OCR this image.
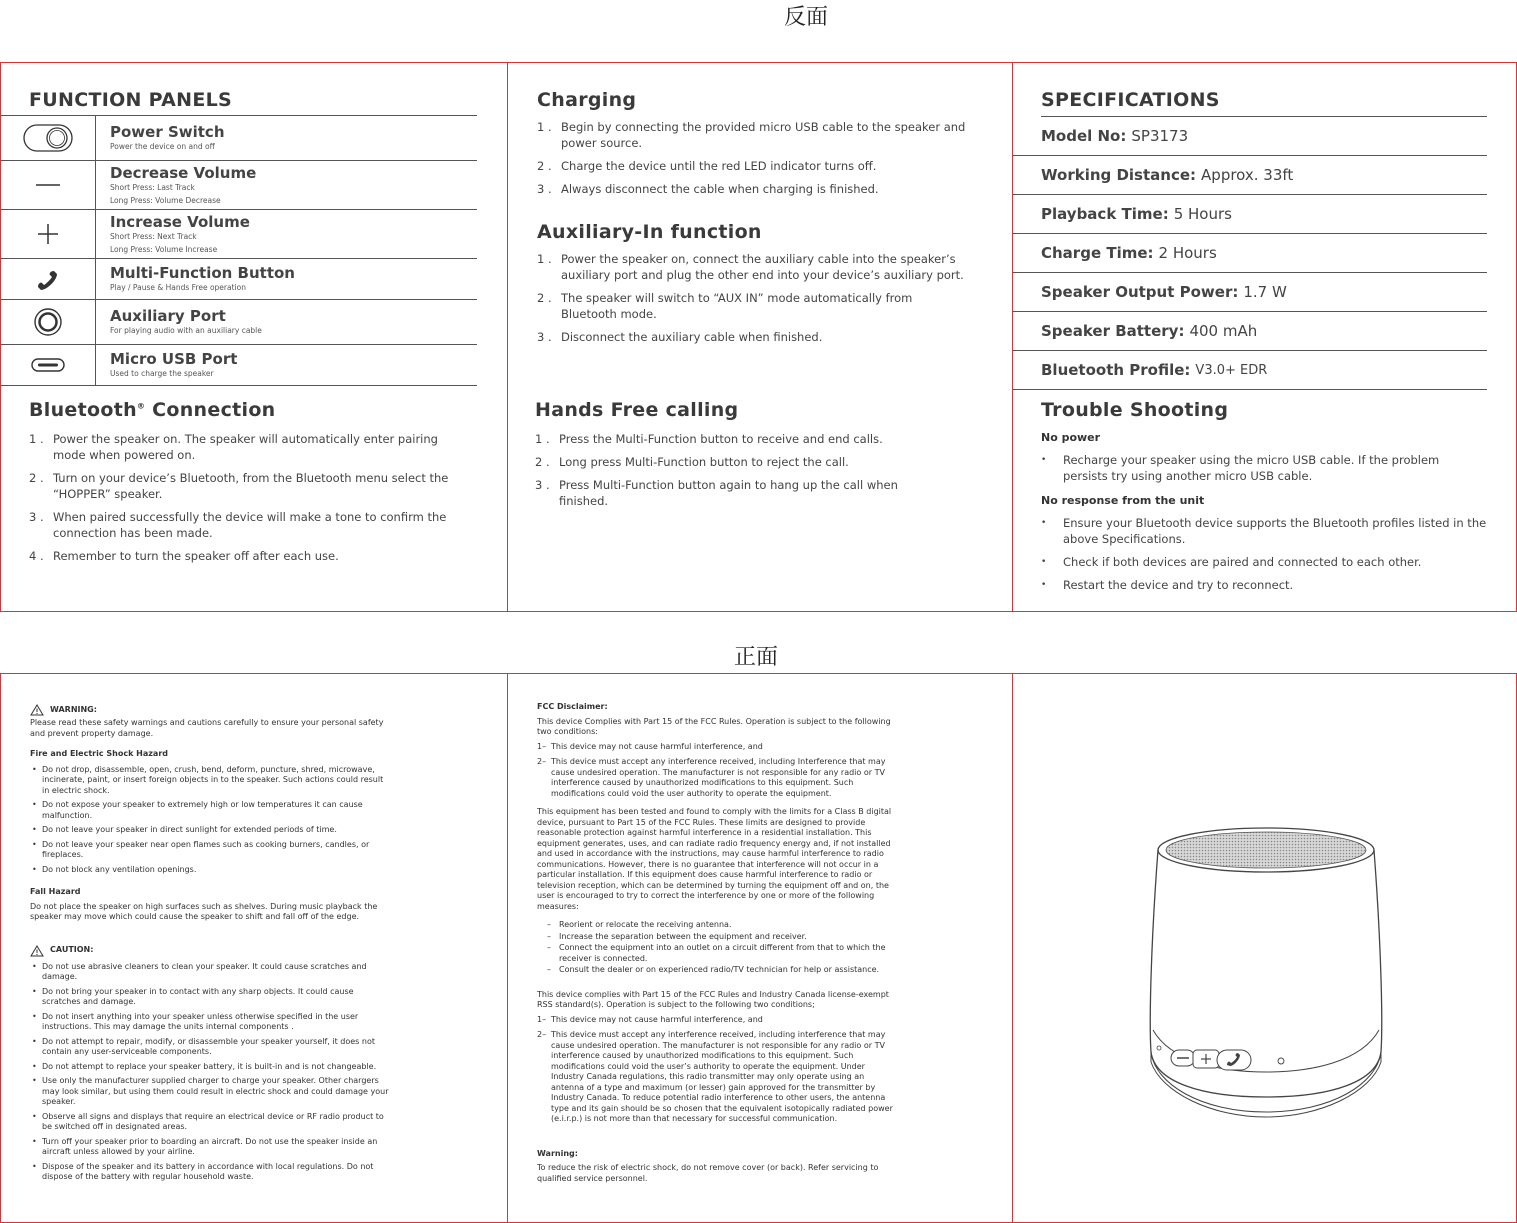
反面
正面
FUNCTION PANELS
Power Switch
Power the device on and off
Decrease Volume
Short Press: Last Track
Long Press: Volume Decrease
Increase Volume
Short Press: Next Track
Long Press: Volume Increase
Multi-Function Button
Play / Pause & Hands Free operation
Auxiliary Port
For playing audio with an auxiliary cable
Micro USB Port
Used to charge the speaker
Bluetooth® Connection
1 . Power the speaker on. The speaker will automatically enter pairing mode when powered on.
2 . Turn on your device’s Bluetooth, from the Bluetooth menu select the “HOPPER” speaker.
3 . When paired successfully the device will make a tone to confirm the connection has been made.
4 . Remember to turn the speaker off after each use.
Charging
1 . Begin by connecting the provided micro USB cable to the speaker and power source.
2 . Charge the device until the red LED indicator turns off.
3 . Always disconnect the cable when charging is finished.
Auxiliary-In function
1 . Power the speaker on, connect the auxiliary cable into the speaker’s auxiliary port and plug the other end into your device’s auxiliary port.
2 . The speaker will switch to “AUX IN” mode automatically from Bluetooth mode.
3 . Disconnect the auxiliary cable when finished.
Hands Free calling
1 . Press the Multi-Function button to receive and end calls.
2 . Long press Multi-Function button to reject the call.
3 . Press Multi-Function button again to hang up the call when finished.
SPECIFICATIONS
Model No: SP3173
Working Distance: Approx. 33ft
Playback Time: 5 Hours
Charge Time: 2 Hours
Speaker Output Power: 1.7 W
Speaker Battery: 400 mAh
Bluetooth Profile: V3.0+ EDR
Trouble Shooting
No power
• Recharge your speaker using the micro USB cable. If the problem persists try using another micro USB cable.
No response from the unit
• Ensure your Bluetooth device supports the Bluetooth profiles listed in the above Specifications.
• Check if both devices are paired and connected to each other.
• Restart the device and try to reconnect.
WARNING:

Please read these safety warnings and cautions carefully to ensure your personal safety and prevent property damage.

Fire and Electric Shock Hazard

• Do not drop, disassemble, open, crush, bend, deform, puncture, shred, microwave, incinerate, paint, or insert foreign objects in to the speaker. Such actions could result in electric shock.
• Do not expose your speaker to extremely high or low temperatures it can cause malfunction.
• Do not leave your speaker in direct sunlight for extended periods of time.
• Do not leave your speaker near open flames such as cooking burners, candles, or fireplaces.
• Do not block any ventilation openings.

Fall Hazard

Do not place the speaker on high surfaces such as shelves. During music playback the speaker may move which could cause the speaker to shift and fall off of the edge.

CAUTION:
• Do not use abrasive cleaners to clean your speaker. It could cause scratches and damage.
• Do not bring your speaker in to contact with any sharp objects. It could cause scratches and damage.
• Do not insert anything into your speaker unless otherwise specified in the user instructions. This may damage the units internal components .
• Do not attempt to repair, modify, or disassemble your speaker yourself, it does not contain any user-serviceable components.
• Do not attempt to replace your speaker battery, it is built-in and is not changeable.
• Use only the manufacturer supplied charger to charge your speaker. Other chargers may look similar, but using them could result in electric shock and could damage your speaker.
• Observe all signs and displays that require an electrical device or RF radio product to be switched off in designated areas.
• Turn off your speaker prior to boarding an aircraft. Do not use the speaker inside an aircraft unless allowed by your airline.
• Dispose of the speaker and its battery in accordance with local regulations. Do not dispose of the battery with regular household waste.

FCC Disclaimer:

This device Complies with Part 15 of the FCC Rules. Operation is subject to the following two conditions:

1– This device may not cause harmful interference, and
2– This device must accept any interference received, including Interference that may cause undesired operation. The manufacturer is not responsible for any radio or TV interference caused by unauthorized modifications to this equipment. Such modifications could void the user authority to operate the equipment.

This equipment has been tested and found to comply with the limits for a Class B digital device, pursuant to Part 15 of the FCC Rules. These limits are designed to provide reasonable protection against harmful interference in a residential installation. This equipment generates, uses, and can radiate radio frequency energy and, if not installed and used in accordance with the instructions, may cause harmful interference to radio communications. However, there is no guarantee that interference will not occur in a particular installation. If this equipment does cause harmful interference to radio or television reception, which can be determined by turning the equipment off and on, the user is encouraged to try to correct the interference by one or more of the following measures:

– Reorient or relocate the receiving antenna.
– Increase the separation between the equipment and receiver.
– Connect the equipment into an outlet on a circuit different from that to which the receiver is connected.
– Consult the dealer or on experienced radio/TV technician for help or assistance.

This device complies with Part 15 of the FCC Rules and Industry Canada license-exempt RSS standard(s). Operation is subject to the following two conditions;

1– This device may not cause harmful interference, and
2– This device must accept any interference received, including interference that may cause undesired operation. The manufacturer is not responsible for any radio or TV interference caused by unauthorized modifications to this equipment. Such modifications could void the user’s authority to operate the equipment. Under Industry Canada regulations, this radio transmitter may only operate using an antenna of a type and maximum (or lesser) gain approved for the transmitter by Industry Canada. To reduce potential radio interference to other users, the antenna type and its gain should be so chosen that the equivalent isotopically radiated power (e.i.r.p.) is not more than that necessary for successful communication.

Warning:

To reduce the risk of electric shock, do not remove cover (or back). Refer servicing to qualified service personnel.
